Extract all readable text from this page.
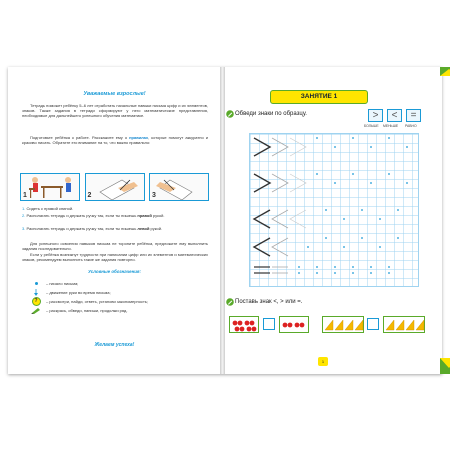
Уважаемые взрослые!
Тетрадь поможет ребёнку 5–6 лет отработать начальные навыки письма цифр и их элементов, знаков. Также задания в тетради сформируют у него математические представления, необходимые для дальнейшего успешного обучения математике.
Подготовьте ребёнка к работе. Расскажите ему о правилах, которые помогут аккуратно и красиво писать. Обратите его внимание на то, что важно правильно:
1	2	3
1. Сидеть с прямой спиной.
2. Располагать тетрадь и держать ручку так, если ты пишешь правой рукой.
3. Располагать тетрадь и держать ручку так, если ты пишешь левой рукой.
Для успешного освоения навыков письма не торопите ребёнка, предложите ему выполнить задания последовательно.
Если у ребёнка возникнут трудности при написании цифр или их элементов и математических знаков, рекомендуем выполнить такие же задания повторно.
Условные обозначения:
– начало письма;
– движение руки во время письма;
?	– рассмотри, найди, ответь, установи закономерность;
– раскрась, обведи, напиши, продолжи ряд.
Желаем успеха!
ЗАНЯТИЕ 1
Обведи знаки по образцу.	>	<	=
БОЛЬШЕ МЕНЬШЕ РАВНО
Поставь знак <, > или =.
1
